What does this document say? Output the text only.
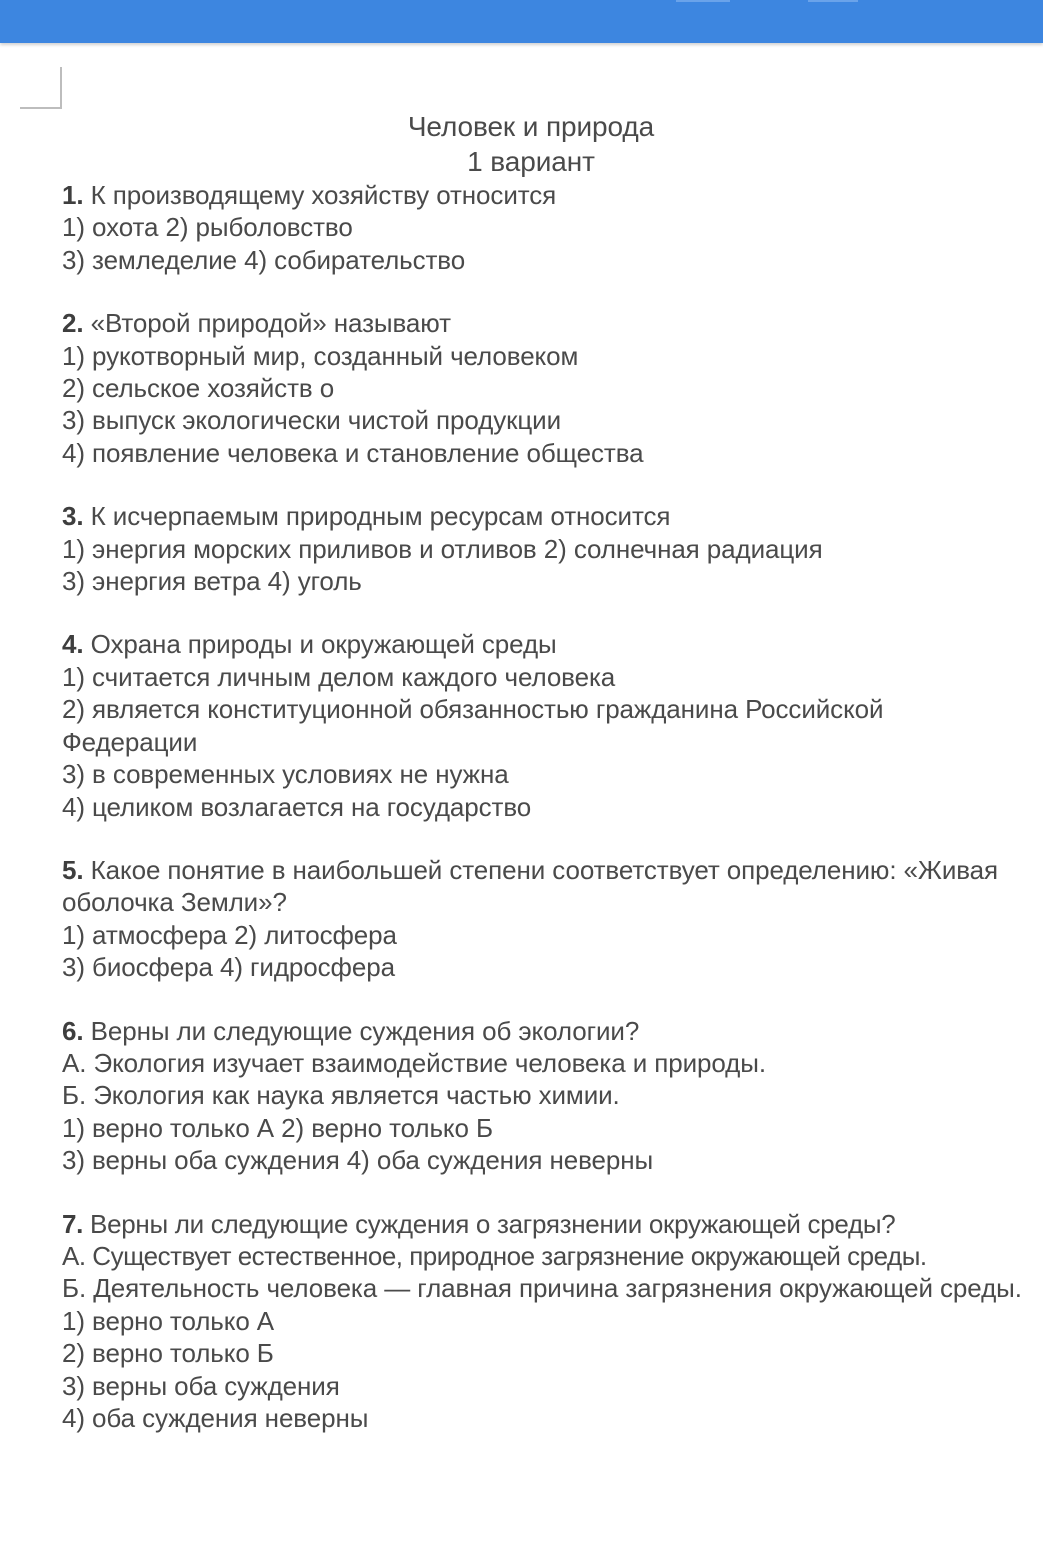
Человек и природа
1 вариант
1. К производящему хозяйству относится
1) охота 2) рыболовство
3) земледелие 4) собирательство
2. «Второй природой» называют
1) рукотворный мир, созданный человеком
2) сельское хозяйств о
3) выпуск экологически чистой продукции
4) появление человека и становление общества
3. К исчерпаемым природным ресурсам относится
1) энергия морских приливов и отливов 2) солнечная радиация
3) энергия ветра 4) уголь
4. Охрана природы и окружающей среды
1) считается личным делом каждого человека
2) является конституционной обязанностью гражданина Российской Федерации
3) в современных условиях не нужна
4) целиком возлагается на государство
5. Какое понятие в наибольшей степени соответствует определению: «Живая оболочка Земли»?
1) атмосфера 2) литосфера
3) биосфера 4) гидросфера
6. Верны ли следующие суждения об экологии?
А. Экология изучает взаимодействие человека и природы.
Б. Экология как наука является частью химии.
1) верно только А 2) верно только Б
3) верны оба суждения 4) оба суждения неверны
7. Верны ли следующие суждения о загрязнении окружающей среды?
А. Существует естественное, природное загрязнение окружающей среды.
Б. Деятельность человека — главная причина загрязнения окружающей среды.
1) верно только А
2) верно только Б
3) верны оба суждения
4) оба суждения неверны
